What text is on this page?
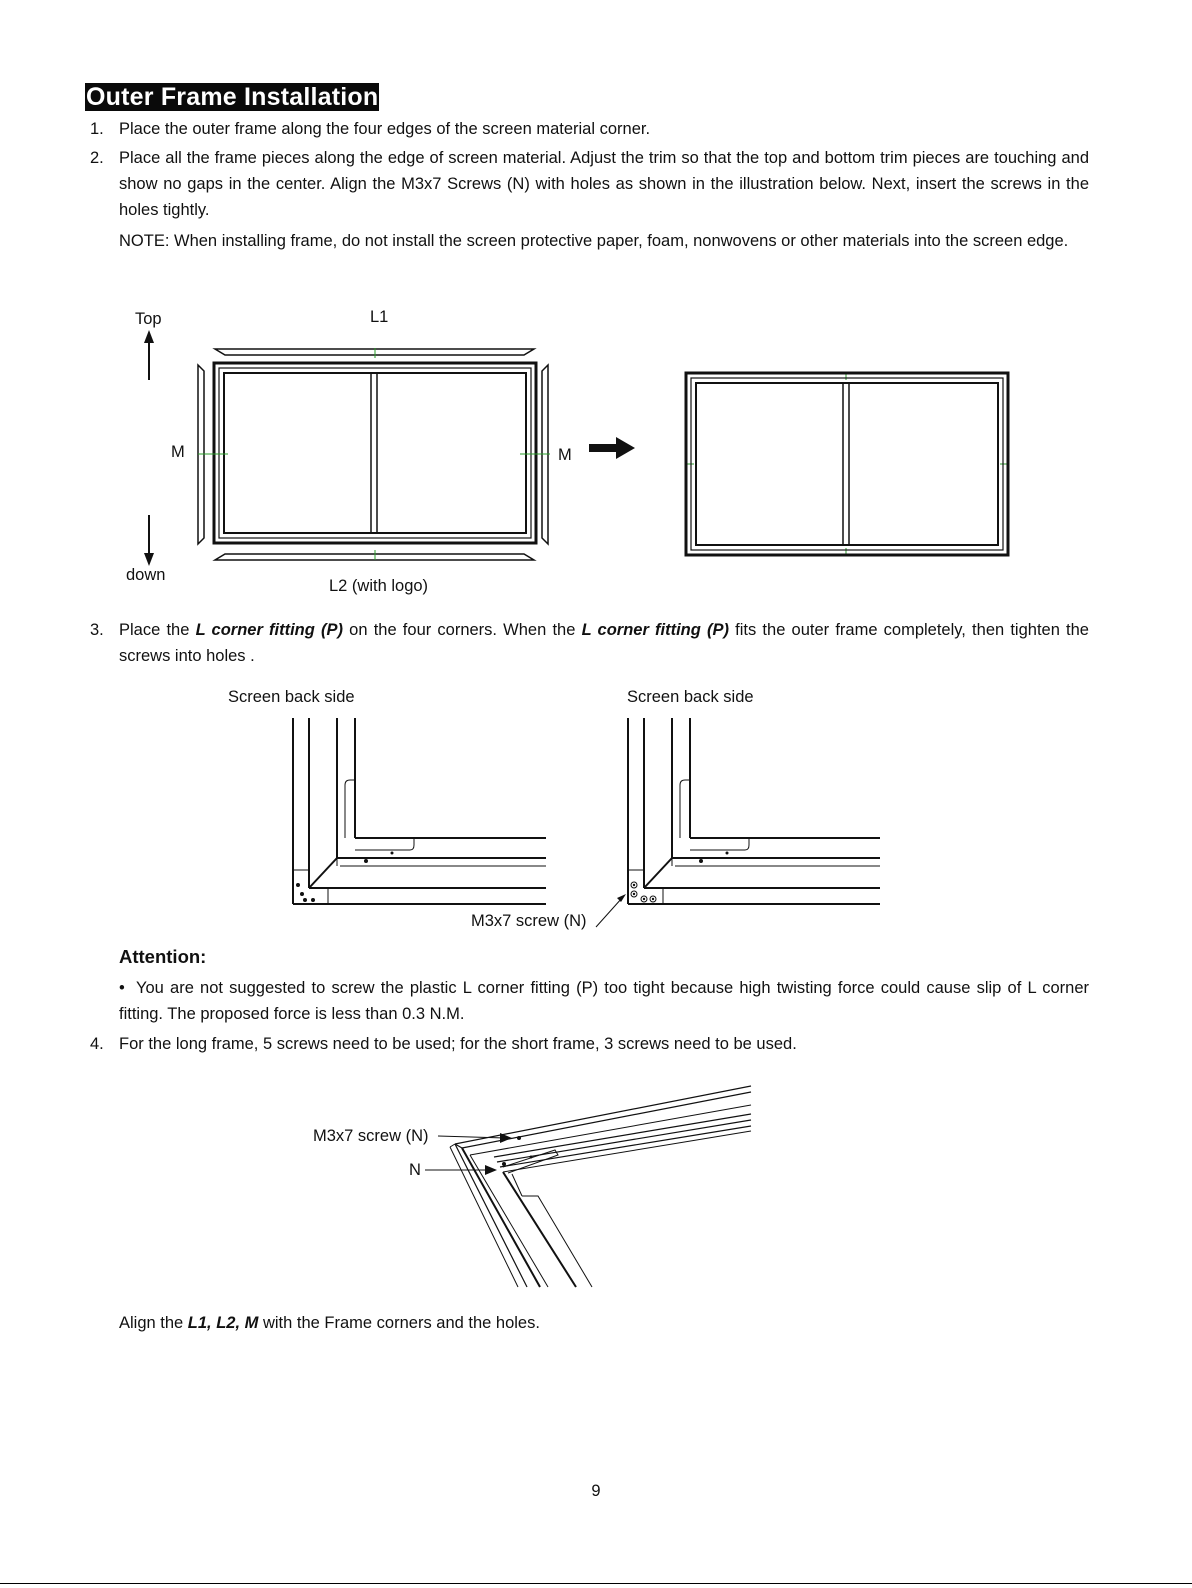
Outer Frame Installation
1. Place the outer frame along the four edges of the screen material corner.
2. Place all the frame pieces along the edge of screen material. Adjust the trim so that the top and bottom trim pieces are touching and show no gaps in the center. Align the M3x7 Screws (N) with holes as shown in the illustration below. Next, insert the screws in the holes tightly.
NOTE: When installing frame, do not install the screen protective paper, foam, nonwovens or other materials into the screen edge.
Top	L1
M	M
down
L2 (with logo)
3. Place the L corner fitting (P) on the four corners. When the L corner fitting (P) fits the outer frame completely, then tighten the screws into holes .
Screen back side	Screen back side
M3x7 screw (N)
Attention:
• You are not suggested to screw the plastic L corner fitting (P) too tight because high twisting force could cause slip of L corner fitting. The proposed force is less than 0.3 N.M.
4. For the long frame, 5 screws need to be used; for the short frame, 3 screws need to be used.
M3x7 screw (N)
N
Align the L1, L2, M with the Frame corners and the holes.
9
